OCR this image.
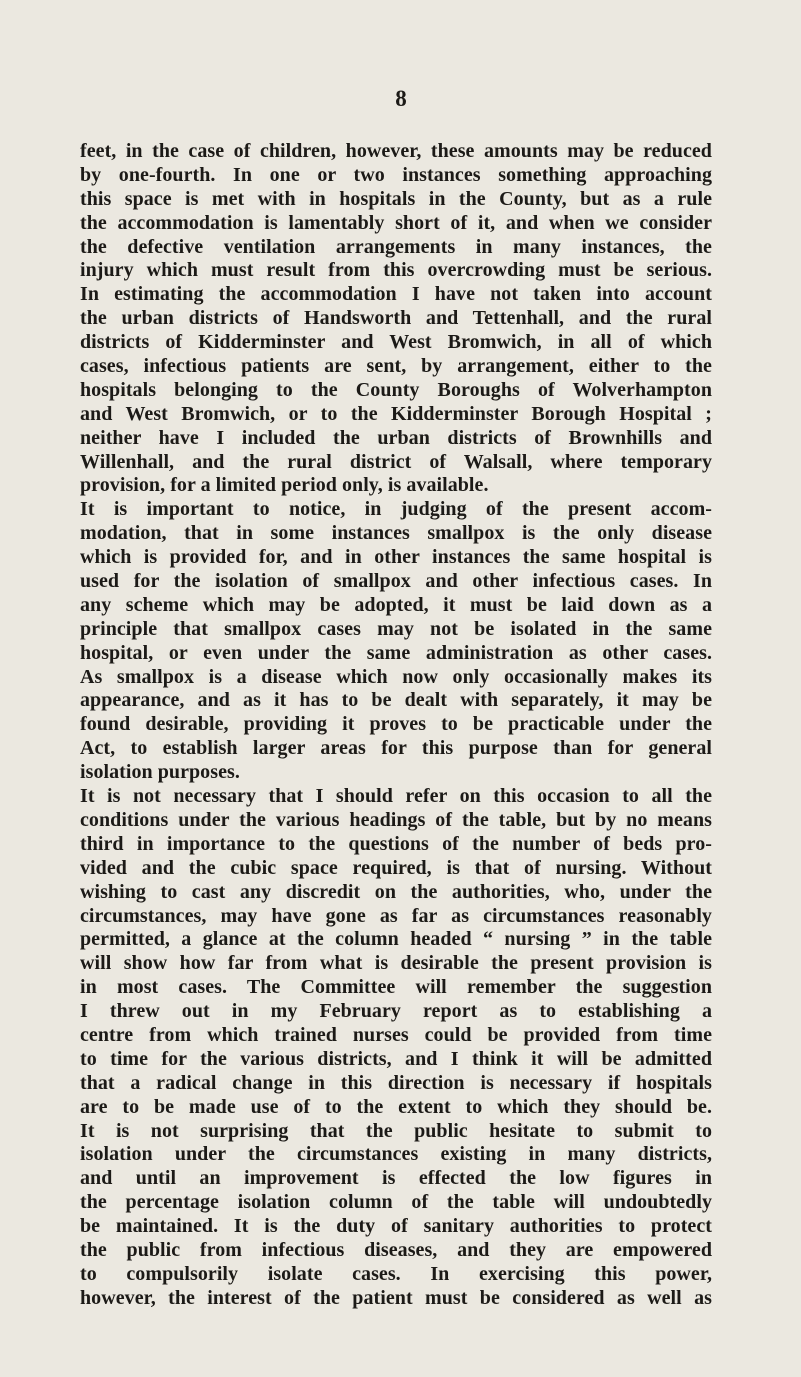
8
feet, in the case of children, however, these amounts may be reduced
by one-fourth. In one or two instances something approaching
this space is met with in hospitals in the County, but as a rule
the accommodation is lamentably short of it, and when we consider
the defective ventilation arrangements in many instances, the
injury which must result from this overcrowding must be serious.
In estimating the accommodation I have not taken into account
the urban districts of Handsworth and Tettenhall, and the rural
districts of Kidderminster and West Bromwich, in all of which
cases, infectious patients are sent, by arrangement, either to the
hospitals belonging to the County Boroughs of Wolverhampton
and West Bromwich, or to the Kidderminster Borough Hospital ;
neither have I included the urban districts of Brownhills and
Willenhall, and the rural district of Walsall, where temporary
provision, for a limited period only, is available.
It is important to notice, in judging of the present accom-
modation, that in some instances smallpox is the only disease
which is provided for, and in other instances the same hospital is
used for the isolation of smallpox and other infectious cases. In
any scheme which may be adopted, it must be laid down as a
principle that smallpox cases may not be isolated in the same
hospital, or even under the same administration as other cases.
As smallpox is a disease which now only occasionally makes its
appearance, and as it has to be dealt with separately, it may be
found desirable, providing it proves to be practicable under the
Act, to establish larger areas for this purpose than for general
isolation purposes.
It is not necessary that I should refer on this occasion to all the
conditions under the various headings of the table, but by no means
third in importance to the questions of the number of beds pro-
vided and the cubic space required, is that of nursing. Without
wishing to cast any discredit on the authorities, who, under the
circumstances, may have gone as far as circumstances reasonably
permitted, a glance at the column headed “ nursing ” in the table
will show how far from what is desirable the present provision is
in most cases. The Committee will remember the suggestion
I threw out in my February report as to establishing a
centre from which trained nurses could be provided from time
to time for the various districts, and I think it will be admitted
that a radical change in this direction is necessary if hospitals
are to be made use of to the extent to which they should be.
It is not surprising that the public hesitate to submit to
isolation under the circumstances existing in many districts,
and until an improvement is effected the low figures in
the percentage isolation column of the table will undoubtedly
be maintained. It is the duty of sanitary authorities to protect
the public from infectious diseases, and they are empowered
to compulsorily isolate cases. In exercising this power,
however, the interest of the patient must be considered as well as
